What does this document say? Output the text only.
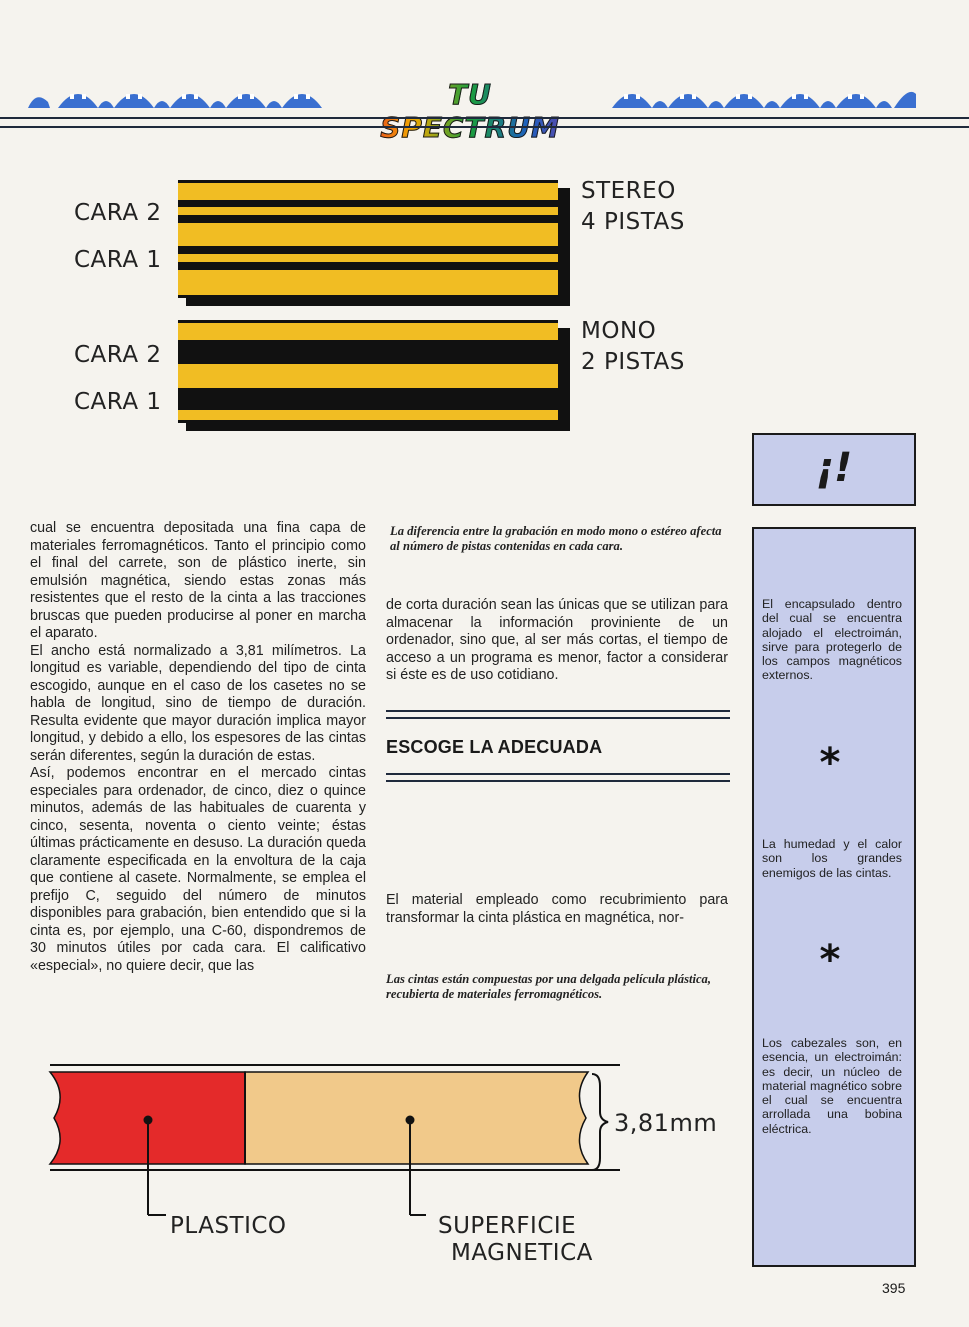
TU SPECTRUM
CARA 2
CARA 1
STEREO
4 PISTAS
CARA 2
CARA 1
MONO
2 PISTAS

cual se encuentra depositada una fina capa de materiales ferromagnéticos. Tanto el principio como el final del carrete, son de plástico inerte, sin emulsión magnética, siendo estas zonas más resistentes que el resto de la cinta a las tracciones bruscas que pueden producirse al poner en marcha el aparato.

El ancho está normalizado a 3,81 milímetros. La longitud es variable, dependiendo del tipo de cinta escogido, aunque en el caso de los casetes no se habla de longitud, sino de tiempo de duración. Resulta evidente que mayor duración implica mayor longitud, y debido a ello, los espesores de las cintas serán diferentes, según la duración de estas.

Así, podemos encontrar en el mercado cintas especiales para ordenador, de cinco, diez o quince minutos, además de las habituales de cuarenta y cinco, sesenta, noventa o ciento veinte; éstas últimas prácticamente en desuso. La duración queda claramente especificada en la envoltura de la caja que contiene al casete. Normalmente, se emplea el prefijo C, seguido del número de minutos disponibles para grabación, bien entendido que si la cinta es, por ejemplo, una C-60, dispondremos de 30 minutos útiles por cada cara. El calificativo «especial», no quiere decir, que las

La diferencia entre la grabación en modo mono o estéreo afecta al número de pistas contenidas en cada cara.
de corta duración sean las únicas que se utilizan para almacenar la información proviniente de un ordenador, sino que, al ser más cortas, el tiempo de acceso a un programa es menor, factor a considerar si éste es de uso cotidiano.
ESCOGE LA ADECUADA
El material empleado como recubrimiento para transformar la cinta plástica en magnética, nor-
Las cintas están compuestas por una delgada película plástica, recubierta de materiales ferromagnéticos.
¡!
El encapsulado dentro del cual se encuentra alojado el electroimán, sirve para protegerlo de los campos magnéticos externos.
*
La humedad y el calor son los grandes enemigos de las cintas.
*
Los cabezales son, en esencia, un electroimán: es decir, un núcleo de material magnético sobre el cual se encuentra arrollada una bobina eléctrica.
3,81mm
PLASTICO	SUPERFICIE
MAGNETICA
395
